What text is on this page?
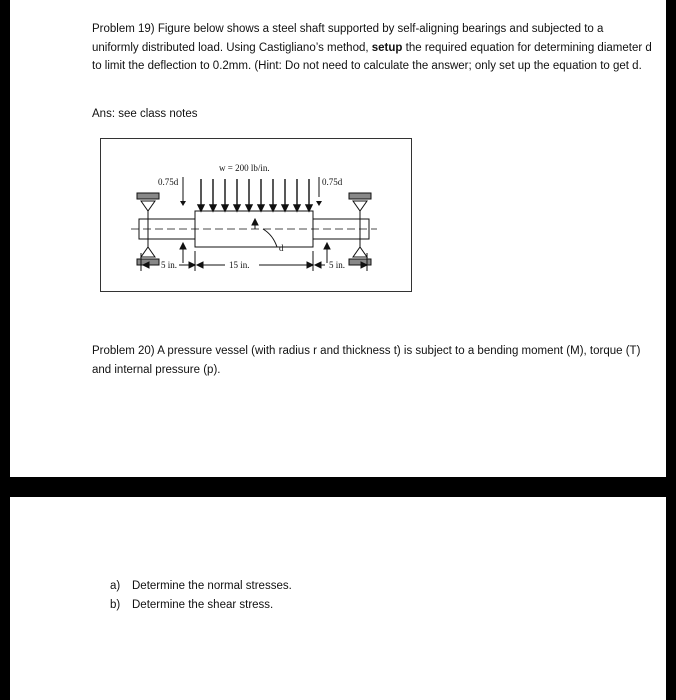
Problem 19) Figure below shows a steel shaft supported by self-aligning bearings and subjected to a uniformly distributed load. Using Castigliano’s method, setup the required equation for determining diameter d to limit the deflection to 0.2mm. (Hint: Do not need to calculate the answer; only set up the equation to get d.

Ans: see class notes

w = 200 lb/in.
0.75d	0.75d
d
5 in.	15 in.	5 in.

Problem 20) A pressure vessel (with radius r and thickness t) is subject to a bending moment (M), torque (T) and internal pressure (p).

a) Determine the normal stresses.
b) Determine the shear stress.
